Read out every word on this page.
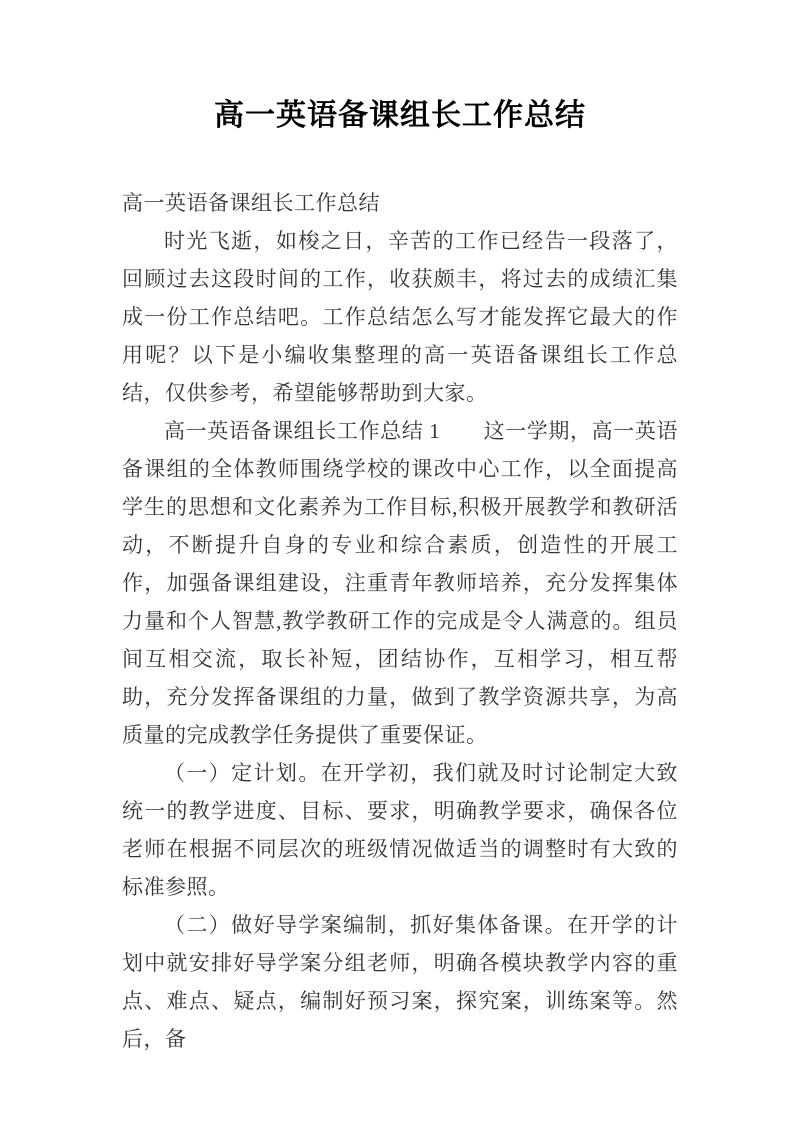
高一英语备课组长工作总结

高一英语备课组长工作总结

时光飞逝，如梭之日，辛苦的工作已经告一段落了，回顾过去这段时间的工作，收获颇丰，将过去的成绩汇集成一份工作总结吧。工作总结怎么写才能发挥它最大的作用呢？以下是小编收集整理的高一英语备课组长工作总结，仅供参考，希望能够帮助到大家。

高一英语备课组长工作总结 1　　这一学期，高一英语备课组的全体教师围绕学校的课改中心工作，以全面提高学生的思想和文化素养为工作目标,积极开展教学和教研活动，不断提升自身的专业和综合素质，创造性的开展工作，加强备课组建设，注重青年教师培养，充分发挥集体力量和个人智慧,教学教研工作的完成是令人满意的。组员间互相交流，取长补短，团结协作，互相学习，相互帮助，充分发挥备课组的力量，做到了教学资源共享，为高质量的完成教学任务提供了重要保证。

（一）定计划。在开学初，我们就及时讨论制定大致统一的教学进度、目标、要求，明确教学要求，确保各位老师在根据不同层次的班级情况做适当的调整时有大致的标准参照。

（二）做好导学案编制，抓好集体备课。在开学的计划中就安排好导学案分组老师，明确各模块教学内容的重点、难点、疑点，编制好预习案，探究案，训练案等。然后，备
